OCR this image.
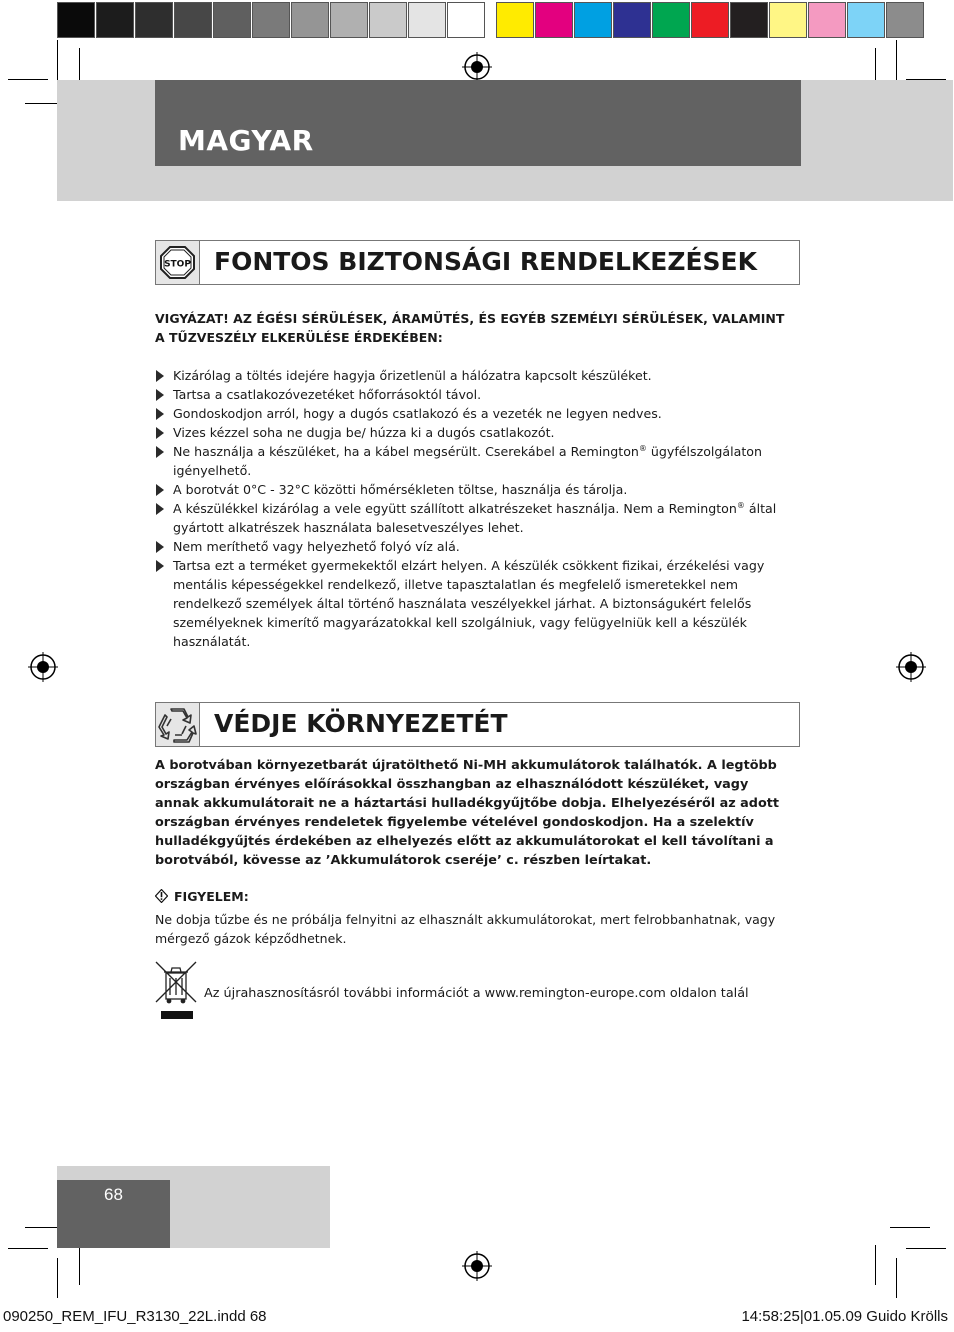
MAGYAR
STOP FONTOS BIZTONSÁGI RENDELKEZÉSEK
VIGYÁZAT! AZ ÉGÉSI SÉRÜLÉSEK, ÁRAMÜTÉS, ÉS EGYÉB SZEMÉLYI SÉRÜLÉSEK, VALAMINT A TŰZVESZÉLY ELKERÜLÉSE ÉRDEKÉBEN:
Kizárólag a töltés idejére hagyja őrizetlenül a hálózatra kapcsolt készüléket.
Tartsa a csatlakozóvezetéket hőforrásoktól távol.
Gondoskodjon arról, hogy a dugós csatlakozó és a vezeték ne legyen nedves.
Vizes kézzel soha ne dugja be/ húzza ki a dugós csatlakozót.
Ne használja a készüléket, ha a kábel megsérült. Cserekábel a Remington® ügyfélszolgálaton igényelhető.
A borotvát 0°C - 32°C közötti hőmérsékleten töltse, használja és tárolja.
A készülékkel kizárólag a vele együtt szállított alkatrészeket használja. Nem a Remington® által gyártott alkatrészek használata balesetveszélyes lehet.
Nem meríthető vagy helyezhető folyó víz alá.
Tartsa ezt a terméket gyermekektől elzárt helyen. A készülék csökkent fizikai, érzékelési vagy mentális képességekkel rendelkező, illetve tapasztalatlan és megfelelő ismeretekkel nem rendelkező személyek által történő használata veszélyekkel járhat. A biztonságukért felelős személyeknek kimerítő magyarázatokkal kell szolgálniuk, vagy felügyelniük kell a készülék használatát.
VÉDJE KÖRNYEZETÉT
A borotvában környezetbarát újratölthető Ni-MH akkumulátorok találhatók. A legtöbb országban érvényes előírásokkal összhangban az elhasználódott készüléket, vagy annak akkumulátorait ne a háztartási hulladékgyűjtőbe dobja. Elhelyezéséről az adott országban érvényes rendeletek figyelembe vételével gondoskodjon. Ha a szelektív hulladékgyűjtés érdekében az elhelyezés előtt az akkumulátorokat el kell távolítani a borotvából, kövesse az ’Akkumulátorok cseréje’ c. részben leírtakat.
FIGYELEM:
Ne dobja tűzbe és ne próbálja felnyitni az elhasznált akkumulátorokat, mert felrobbanhatnak, vagy mérgező gázok képződhetnek.
Az újrahasznosításról további információt a www.remington-europe.com oldalon talál
68
090250_REM_IFU_R3130_22L.indd 68	14:58:25|01.05.09 Guido Krölls
